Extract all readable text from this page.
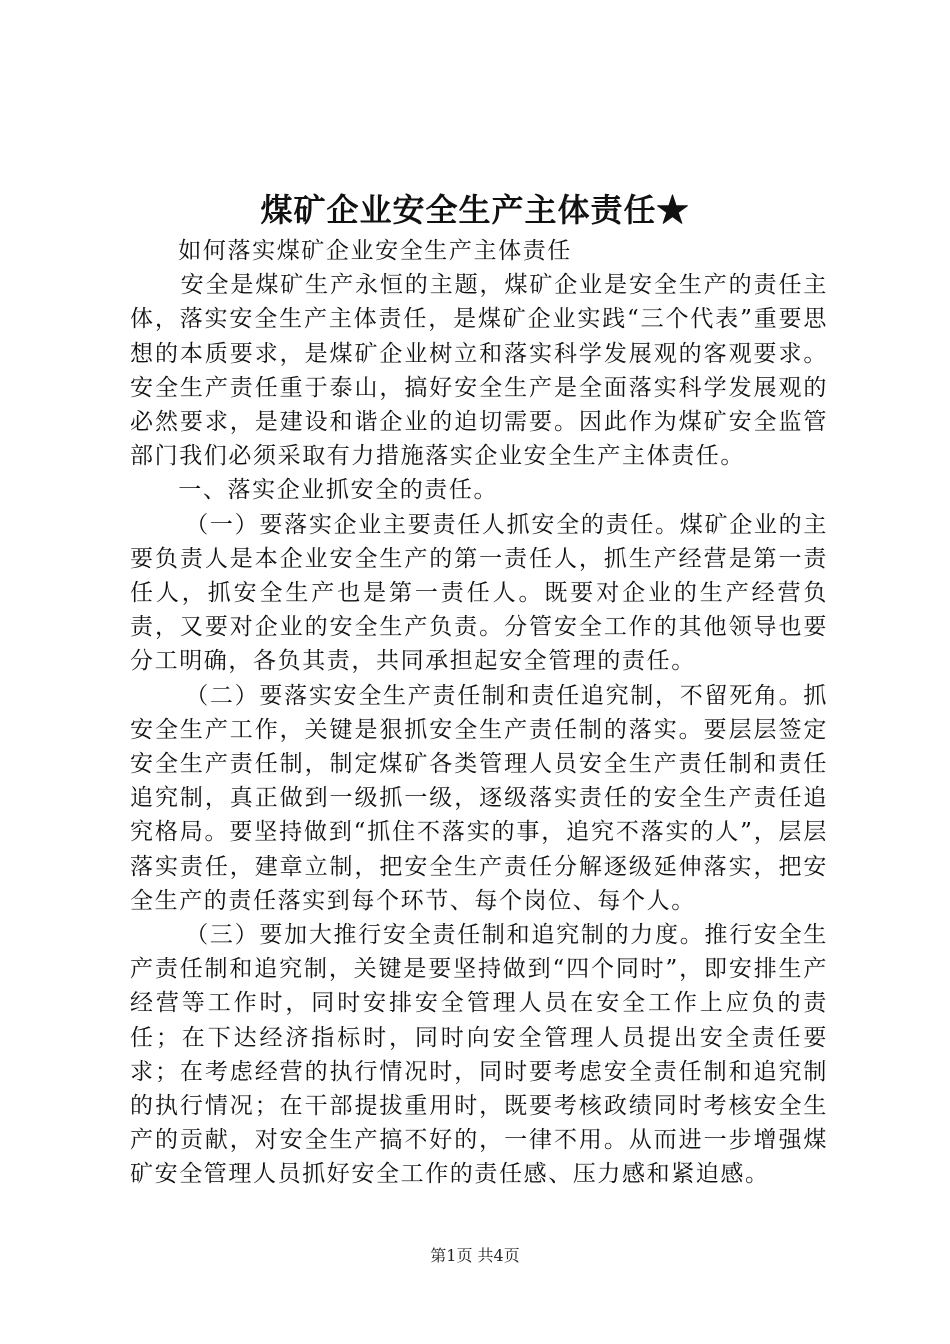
煤矿企业安全生产主体责任★

如何落实煤矿企业安全生产主体责任

安全是煤矿生产永恒的主题，煤矿企业是安全生产的责任主体，落实安全生产主体责任，是煤矿企业实践“三个代表”重要思想的本质要求，是煤矿企业树立和落实科学发展观的客观要求。安全生产责任重于泰山，搞好安全生产是全面落实科学发展观的必然要求，是建设和谐企业的迫切需要。因此作为煤矿安全监管部门我们必须采取有力措施落实企业安全生产主体责任。

一、落实企业抓安全的责任。

（一）要落实企业主要责任人抓安全的责任。煤矿企业的主要负责人是本企业安全生产的第一责任人，抓生产经营是第一责任人，抓安全生产也是第一责任人。既要对企业的生产经营负责，又要对企业的安全生产负责。分管安全工作的其他领导也要分工明确，各负其责，共同承担起安全管理的责任。

（二）要落实安全生产责任制和责任追究制，不留死角。抓安全生产工作，关键是狠抓安全生产责任制的落实。要层层签定安全生产责任制，制定煤矿各类管理人员安全生产责任制和责任追究制，真正做到一级抓一级，逐级落实责任的安全生产责任追究格局。要坚持做到“抓住不落实的事，追究不落实的人”，层层落实责任，建章立制，把安全生产责任分解逐级延伸落实，把安全生产的责任落实到每个环节、每个岗位、每个人。

（三）要加大推行安全责任制和追究制的力度。推行安全生产责任制和追究制，关键是要坚持做到“四个同时”，即安排生产经营等工作时，同时安排安全管理人员在安全工作上应负的责任；在下达经济指标时，同时向安全管理人员提出安全责任要求；在考虑经营的执行情况时，同时要考虑安全责任制和追究制的执行情况；在干部提拔重用时，既要考核政绩同时考核安全生产的贡献，对安全生产搞不好的，一律不用。从而进一步增强煤矿安全管理人员抓好安全工作的责任感、压力感和紧迫感。

第1页 共4页
